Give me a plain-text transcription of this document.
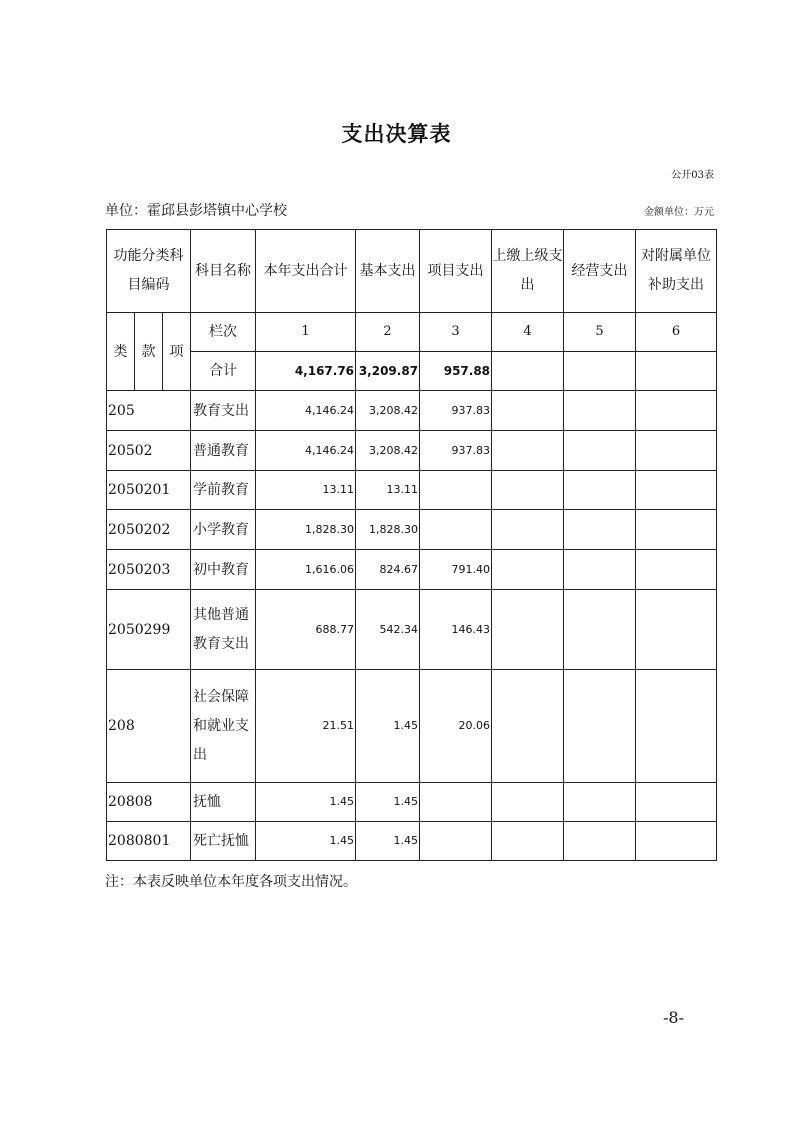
支出决算表
公开03表
单位：霍邱县彭塔镇中心学校	金额单位：万元
功能分类科目编码			科目名称	本年支出合计	基本支出	项目支出	上缴上级支出	经营支出	对附属单位补助支出
类	款	项	栏次	1	2	3	4	5	6
			合计	4,167.76	3,209.87	957.88			
205			教育支出	4,146.24	3,208.42	937.83			
20502			普通教育	4,146.24	3,208.42	937.83			
2050201			学前教育	13.11	13.11				
2050202			小学教育	1,828.30	1,828.30				
2050203			初中教育	1,616.06	824.67	791.40			
2050299			其他普通教育支出	688.77	542.34	146.43			
208			社会保障和就业支出	21.51	1.45	20.06			
20808			抚恤	1.45	1.45				
2080801			死亡抚恤	1.45	1.45				
注：本表反映单位本年度各项支出情况。
-8-
